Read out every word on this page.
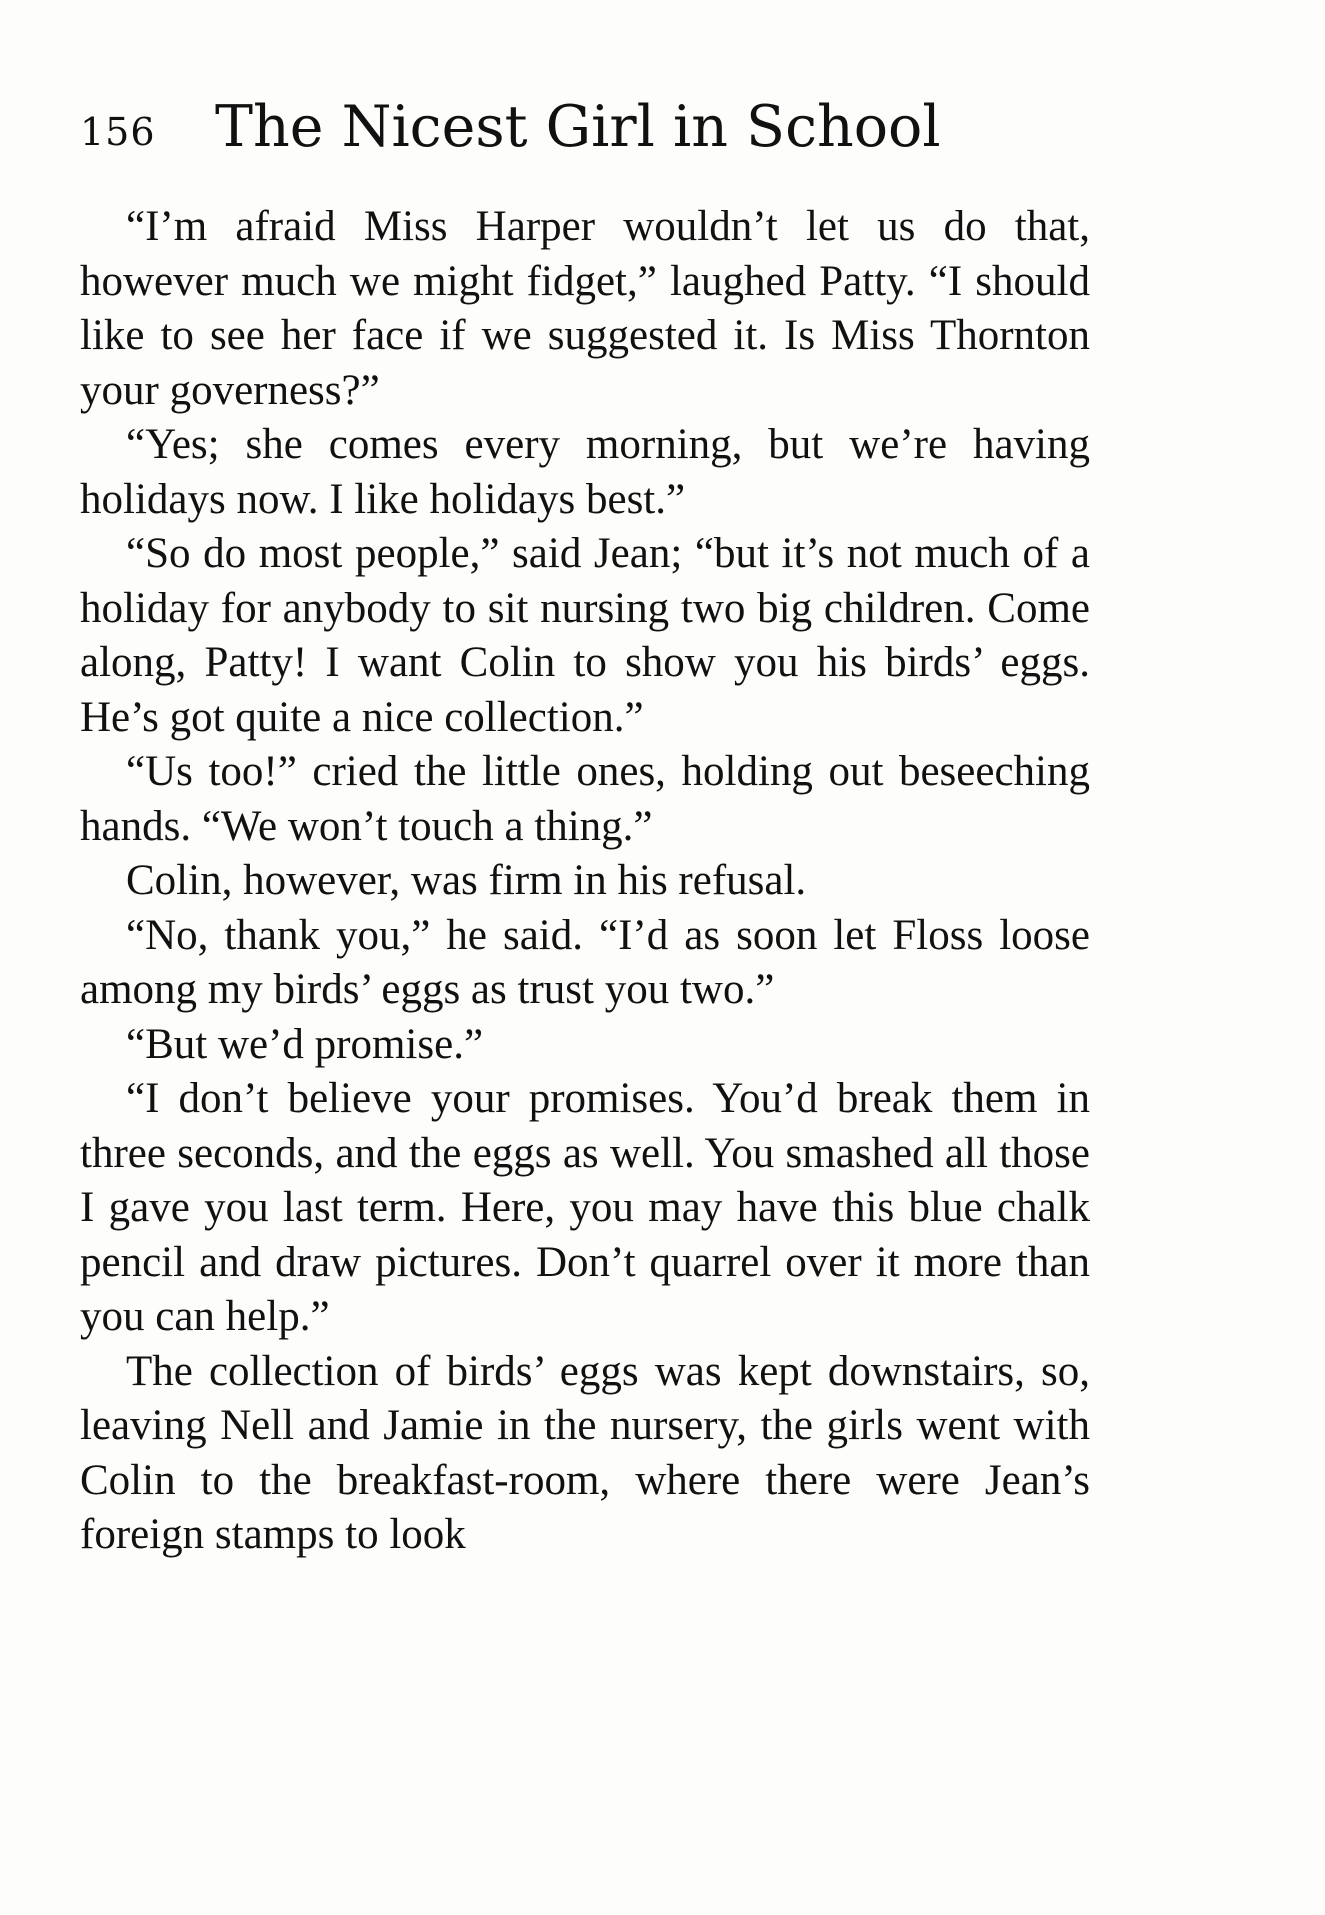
156 The Nicest Girl in School

“I’m afraid Miss Harper wouldn’t let us do that, however much we might fidget,” laughed Patty. “I should like to see her face if we suggested it. Is Miss Thornton your governess?”

“Yes; she comes every morning, but we’re having holidays now. I like holidays best.”

“So do most people,” said Jean; “but it’s not much of a holiday for anybody to sit nursing two big children. Come along, Patty! I want Colin to show you his birds’ eggs. He’s got quite a nice collection.”

“Us too!” cried the little ones, holding out beseeching hands. “We won’t touch a thing.”

Colin, however, was firm in his refusal.

“No, thank you,” he said. “I’d as soon let Floss loose among my birds’ eggs as trust you two.”

“But we’d promise.”

“I don’t believe your promises. You’d break them in three seconds, and the eggs as well. You smashed all those I gave you last term. Here, you may have this blue chalk pencil and draw pictures. Don’t quarrel over it more than you can help.”

The collection of birds’ eggs was kept downstairs, so, leaving Nell and Jamie in the nursery, the girls went with Colin to the breakfast-room, where there were Jean’s foreign stamps to look
